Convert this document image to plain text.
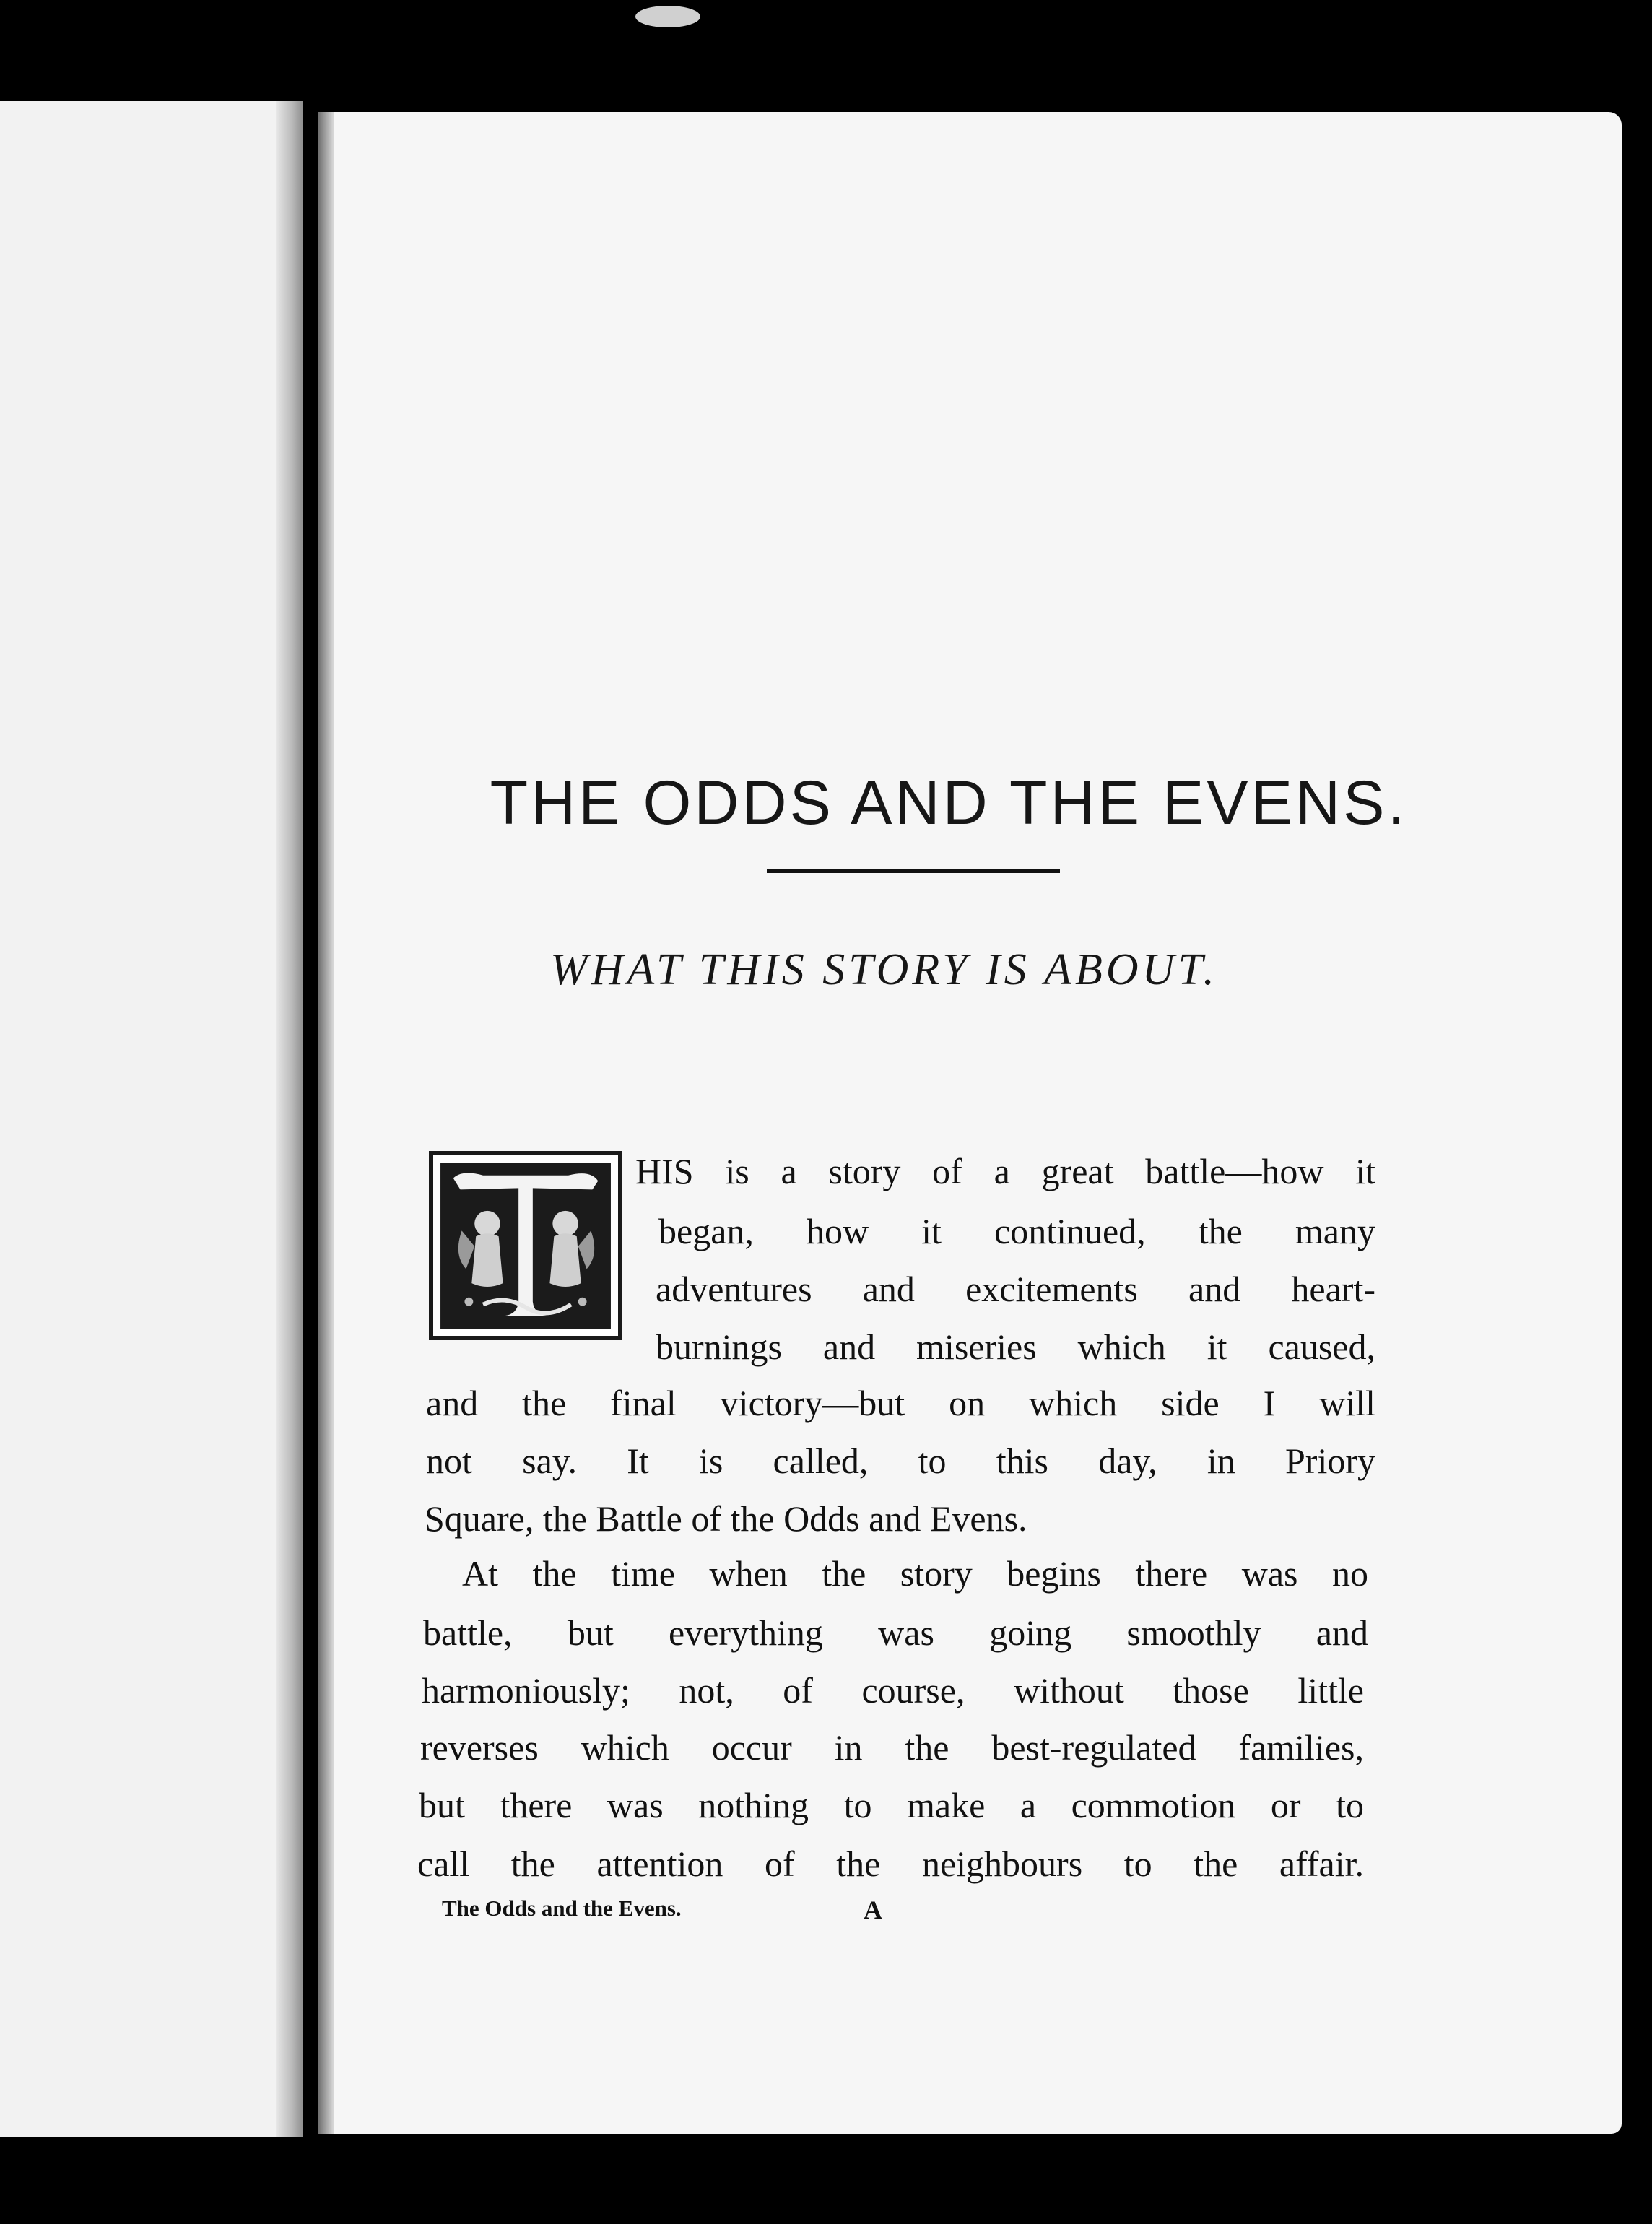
THE ODDS AND THE EVENS.
WHAT THIS STORY IS ABOUT.
HIS is a story of a great battle—how it
began, how it continued, the many
adventures and excitements and heart-
burnings and miseries which it caused,
and the final victory—but on which side I will
not say. It is called, to this day, in Priory
Square, the Battle of the Odds and Evens.
At the time when the story begins there was no
battle, but everything was going smoothly and
harmoniously; not, of course, without those little
reverses which occur in the best-regulated families,
but there was nothing to make a commotion or to
call the attention of the neighbours to the affair.
The Odds and the Evens.	A
